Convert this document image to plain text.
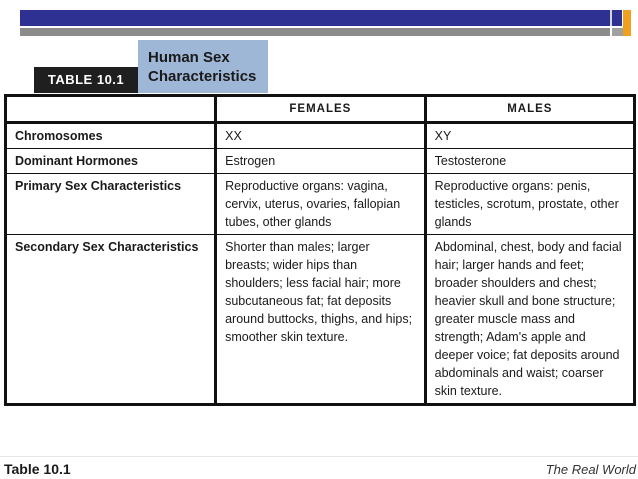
TABLE 10.1
Human Sex
Characteristics
	FEMALES	MALES
Chromosomes	XX	XY
Dominant Hormones	Estrogen	Testosterone
Primary Sex Characteristics	Reproductive organs: vagina, cervix, uterus, ovaries, fallopian tubes, other glands	Reproductive organs: penis, testicles, scrotum, prostate, other glands
Secondary Sex Characteristics	Shorter than males; larger breasts; wider hips than shoulders; less facial hair; more subcutaneous fat; fat deposits around buttocks, thighs, and hips; smoother skin texture.	Abdominal, chest, body and facial hair; larger hands and feet; broader shoulders and chest; heavier skull and bone structure; greater muscle mass and strength; Adam's apple and deeper voice; fat deposits around abdominals and waist; coarser skin texture.
Table 10.1	The Real World
